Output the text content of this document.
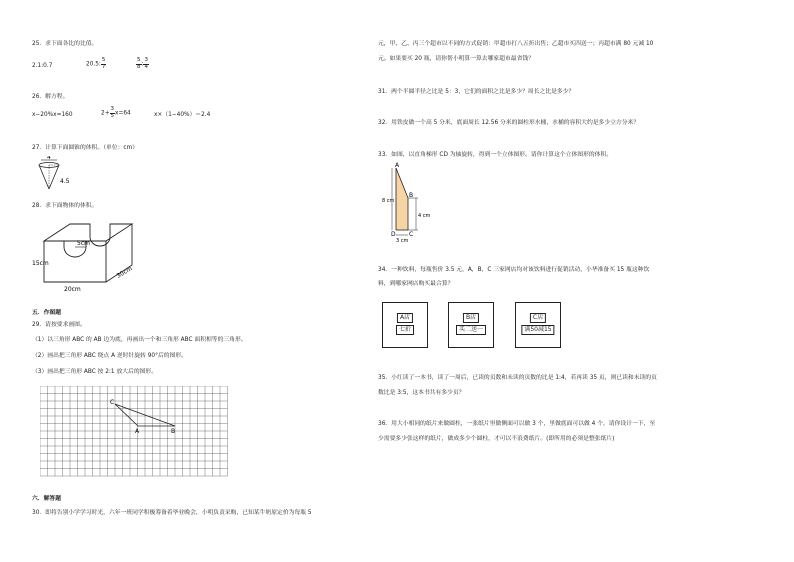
25．求下面各比的比值。
2.1:0.7	20.5: $\frac{5}{7}$	$\frac{5}{8}$ : $\frac{3}{4}$
26．解方程。
x−20%x=160	$2+ \frac{3}{5} x=64$	x×（1−40%）＝2.4
27．计算下面圆锥的体积。（单位：cm）
4
4.5
28．求下面物体的体积。
5cm
15cm
20cm
30cm
五．作图题
29．请按要求画图。
（1）以三角形 ABC 的 AB 边为底，再画出一个和三角形 ABC 面积相等的三角形。
（2）画出把三角形 ABC 绕点 A 逆时针旋转 90°后的图形。
（3）画出把三角形 ABC 按 2:1 放大后的图形。
C
A	B
六．解答题
30．即将告别小学学习时光，六年一班同学积极筹备着毕业晚会，小明负责采购，已知某牛奶原定价为每瓶 5
元，甲、乙、丙三个超市以不同的方式促销：甲超市打八五折出售；乙超市买四送一；丙超市满 80 元减 10
元。如果要买 20 瓶，请你帮小明算一算去哪家超市最省钱？
31．两个半圆半径之比是 5：3，它们的面积之比是多少？周长之比是多少？
32．用铁皮做一个高 5 分米，底面周长 12.56 分米的圆柱形水桶，水桶的容积大约是多少立方分米？
33．如图，以直角梯形 CD 为轴旋转，得到一个立体图形。请你计算这个立体图形的体积。
A
B
C
D
8 cm
4 cm
3 cm
34．一种饮料，每瓶售价 3.5 元，A，B，C 三家网店均对该饮料进行促销活动，小华准备买 15 瓶这种饮
料，到哪家网店购买最合算？
A店
七折
B店
买二送一
C店
满50减15
35．小红读了一本书，读了一周后，已读的页数和未读的页数的比是 1:4，若再读 35 页，则已读和未读的页
数比是 3:5，这本书共有多少页？
36．用大小相同的纸片来做圆柱，一张纸片里做侧面可以做 3 个，里做底面可以做 4 个，请你设计一下，至
少需要多少张这样的纸片，做成多少个圆柱，才可以不浪费纸片。(即所用的必须是整张纸片)
